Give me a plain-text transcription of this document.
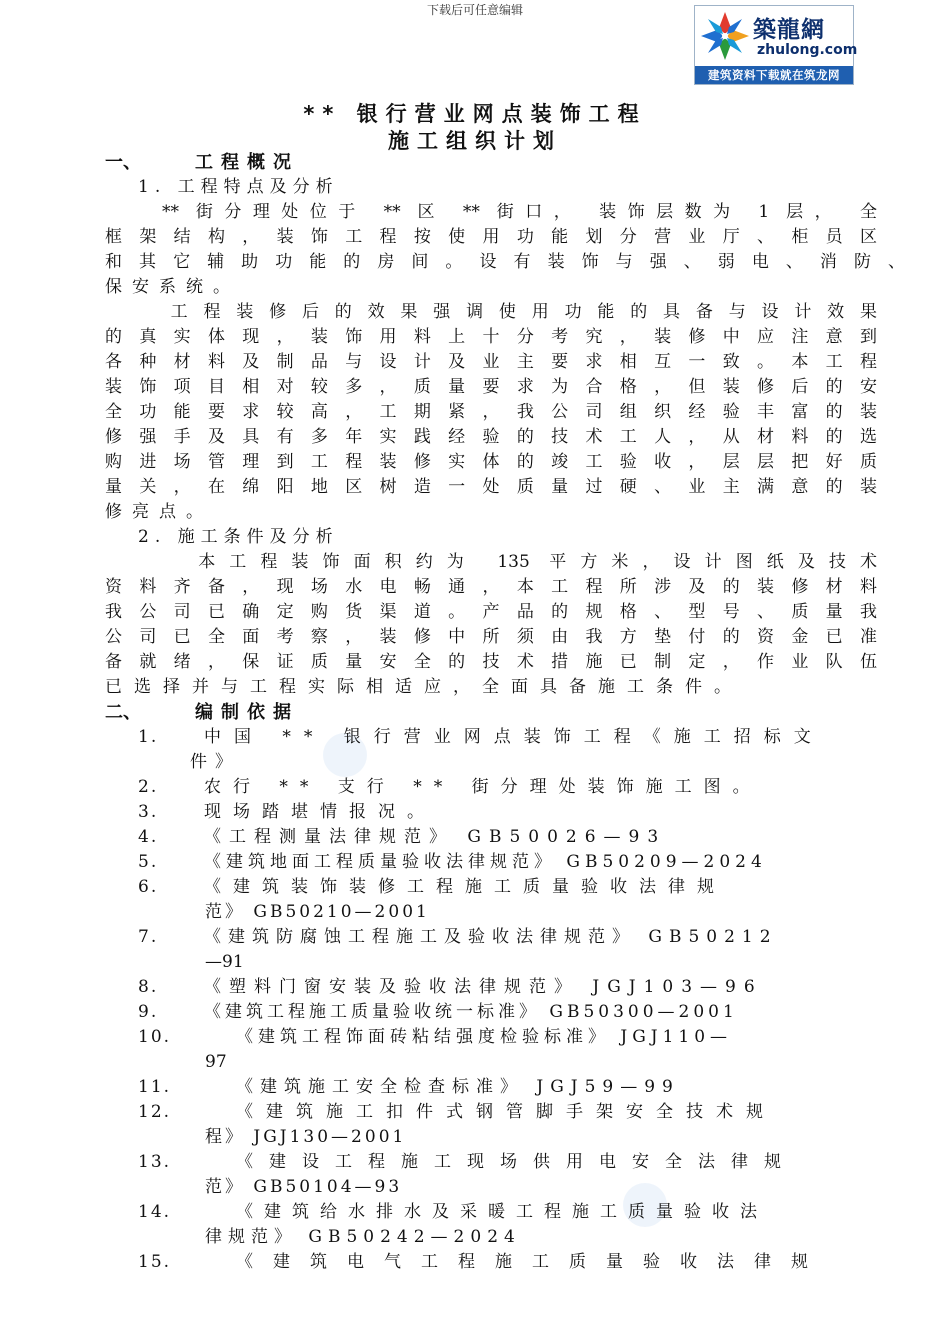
下载后可任意编辑
築龍網
zhulong.com
建筑资料下载就在筑龙网
** 银行营业网点装饰工程
施工组织计划
一、	工程概况
1. 工程特点及分析
　　** 街分理处位于 ** 区 ** 街口， 装饰层数为 1 层， 全
框架结构，装饰工程按使用功能划分营业厅、柜员区
和其它辅助功能的房间。设有装饰与强、弱电、消防、
保安系统。
　　工程装修后的效果强调使用功能的具备与设计效果
的真实体现，装饰用料上十分考究，装修中应注意到
各种材料及制品与设计及业主要求相互一致。本工程
装饰项目相对较多，质量要求为合格，但装修后的安
全功能要求较高，工期紧，我公司组织经验丰富的装
修强手及具有多年实践经验的技术工人，从材料的选
购进场管理到工程装修实体的竣工验收，层层把好质
量关，在绵阳地区树造一处质量过硬、业主满意的装
修亮点。
2. 施工条件及分析
　　　本工程装饰面积约为 135 平方米，设计图纸及技术
资料齐备，现场水电畅通，本工程所涉及的装修材料
我公司已确定购货渠道。产品的规格、型号、质量我
公司已全面考察，装修中所须由我方垫付的资金已准
备就绪，保证质量安全的技术措施已制定，作业队伍
已选择并与工程实际相适应，全面具备施工条件。
二、	编制依据
1.	中国 ** 银行营业网点装饰工程《施工招标文
件》
2.	农行 ** 支行 ** 街分理处装饰施工图。
3.	现场踏堪情报况。
4.	《工程测量法律规范》 GB50026—93
5.	《建筑地面工程质量验收法律规范》 GB50209—2024
6.	《建筑装饰装修工程施工质量验收法律规
范》 GB50210—2001
7.	《建筑防腐蚀工程施工及验收法律规范》 GB50212
—91
8.	《塑料门窗安装及验收法律规范》 JGJ103—96
9.	《建筑工程施工质量验收统一标准》 GB50300—2001
10.	《建筑工程饰面砖粘结强度检验标准》 JGJ110—
97
11.	《建筑施工安全检查标准》 JGJ59—99
12.	《建筑施工扣件式钢管脚手架安全技术规
程》 JGJ130—2001
13.	《建设工程施工现场供用电安全法律规
范》 GB50104—93
14.	《建筑给水排水及采暖工程施工质量验收法
律规范》 GB50242—2024
15.	《建筑电气工程施工质量验收法律规
